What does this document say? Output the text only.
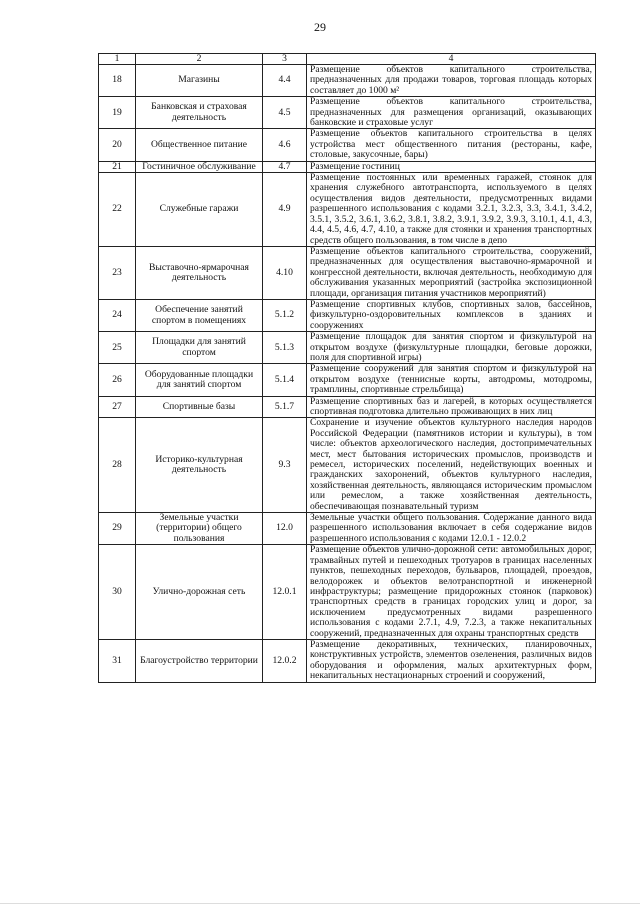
29
1	2	3	4
18	Магазины	4.4	Размещение объектов капитального строительства, предназначенных для продажи товаров, торговая площадь которых составляет до 1000 м²
19	Банковская и страховая деятельность	4.5	Размещение объектов капитального строительства, предназначенных для размещения организаций, оказывающих банковские и страховые услуг
20	Общественное питание	4.6	Размещение объектов капитального строительства в целях устройства мест общественного питания (рестораны, кафе, столовые, закусочные, бары)
21	Гостиничное обслуживание	4.7	Размещение гостиниц
22	Служебные гаражи	4.9	Размещение постоянных или временных гаражей, стоянок для хранения служебного автотранспорта, используемого в целях осуществления видов деятельности, предусмотренных видами разрешенного использования с кодами 3.2.1, 3.2.3, 3.3, 3.4.1, 3.4.2, 3.5.1, 3.5.2, 3.6.1, 3.6.2, 3.8.1, 3.8.2, 3.9.1, 3.9.2, 3.9.3, 3.10.1, 4.1, 4.3, 4.4, 4.5, 4.6, 4.7, 4.10, а также для стоянки и хранения транспортных средств общего пользования, в том числе в депо
23	Выставочно-ярмарочная деятельность	4.10	Размещение объектов капитального строительства, сооружений, предназначенных для осуществления выставочно-ярмарочной и конгрессной деятельности, включая деятельность, необходимую для обслуживания указанных мероприятий (застройка экспозиционной площади, организация питания участников мероприятий)
24	Обеспечение занятий спортом в помещениях	5.1.2	Размещение спортивных клубов, спортивных залов, бассейнов, физкультурно-оздоровительных комплексов в зданиях и сооружениях
25	Площадки для занятий спортом	5.1.3	Размещение площадок для занятия спортом и физкультурой на открытом воздухе (физкультурные площадки, беговые дорожки, поля для спортивной игры)
26	Оборудованные площадки для занятий спортом	5.1.4	Размещение сооружений для занятия спортом и физкультурой на открытом воздухе (теннисные корты, автодромы, мотодромы, трамплины, спортивные стрельбища)
27	Спортивные базы	5.1.7	Размещение спортивных баз и лагерей, в которых осуществляется спортивная подготовка длительно проживающих в них лиц
28	Историко-культурная деятельность	9.3	Сохранение и изучение объектов культурного наследия народов Российской Федерации (памятников истории и культуры), в том числе: объектов археологического наследия, достопримечательных мест, мест бытования исторических промыслов, производств и ремесел, исторических поселений, недействующих военных и гражданских захоронений, объектов культурного наследия, хозяйственная деятельность, являющаяся историческим промыслом или ремеслом, а также хозяйственная деятельность, обеспечивающая познавательный туризм
29	Земельные участки (территории) общего пользования	12.0	Земельные участки общего пользования. Содержание данного вида разрешенного использования включает в себя содержание видов разрешенного использования с кодами 12.0.1 - 12.0.2
30	Улично-дорожная сеть	12.0.1	Размещение объектов улично-дорожной сети: автомобильных дорог, трамвайных путей и пешеходных тротуаров в границах населенных пунктов, пешеходных переходов, бульваров, площадей, проездов, велодорожек и объектов велотранспортной и инженерной инфраструктуры; размещение придорожных стоянок (парковок) транспортных средств в границах городских улиц и дорог, за исключением предусмотренных видами разрешенного использования с кодами 2.7.1, 4.9, 7.2.3, а также некапитальных сооружений, предназначенных для охраны транспортных средств
31	Благоустройство территории	12.0.2	Размещение декоративных, технических, планировочных, конструктивных устройств, элементов озеленения, различных видов оборудования и оформления, малых архитектурных форм, некапитальных нестационарных строений и сооружений,
